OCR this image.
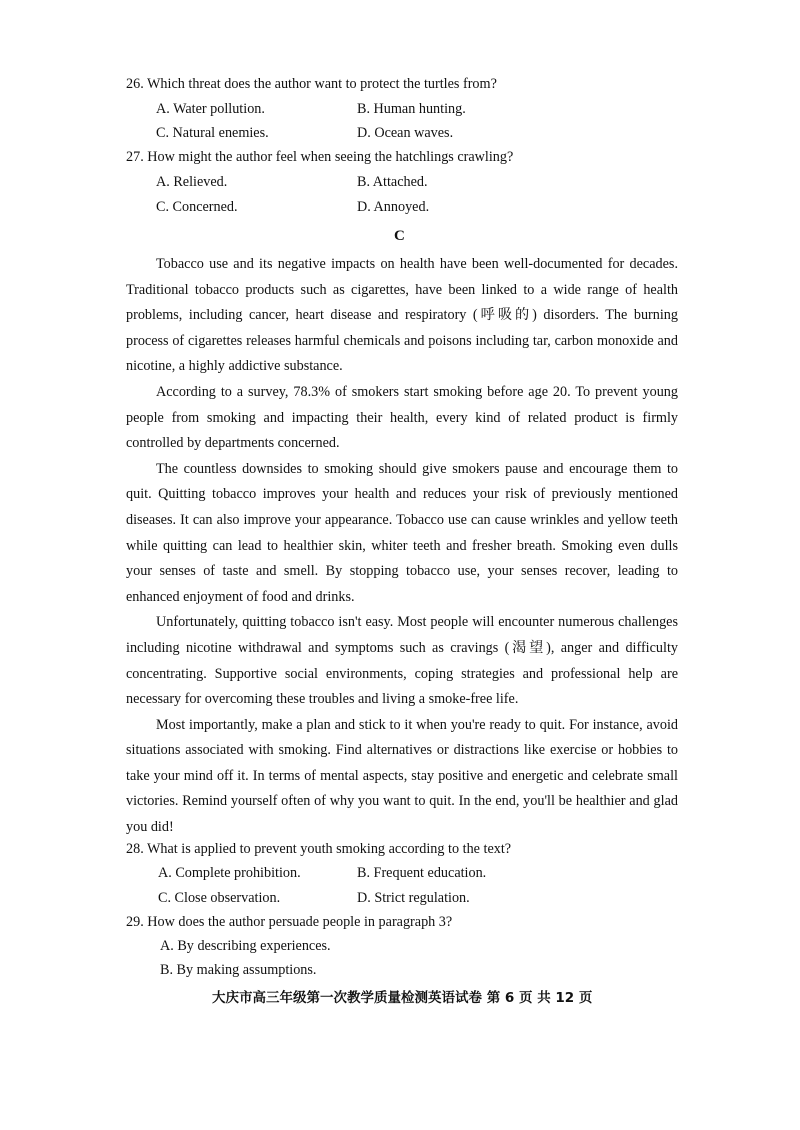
26. Which threat does the author want to protect the turtles from?
A. Water pollution.	B. Human hunting.
C. Natural enemies.	D. Ocean waves.
27. How might the author feel when seeing the hatchlings crawling?
A. Relieved.	B. Attached.
C. Concerned.	D. Annoyed.
C

Tobacco use and its negative impacts on health have been well-documented for decades. Traditional tobacco products such as cigarettes, have been linked to a wide range of health problems, including cancer, heart disease and respiratory (呼吸的) disorders. The burning process of cigarettes releases harmful chemicals and poisons including tar, carbon monoxide and nicotine, a highly addictive substance.

According to a survey, 78.3% of smokers start smoking before age 20. To prevent young people from smoking and impacting their health, every kind of related product is firmly controlled by departments concerned.

The countless downsides to smoking should give smokers pause and encourage them to quit. Quitting tobacco improves your health and reduces your risk of previously mentioned diseases. It can also improve your appearance. Tobacco use can cause wrinkles and yellow teeth while quitting can lead to healthier skin, whiter teeth and fresher breath. Smoking even dulls your senses of taste and smell. By stopping tobacco use, your senses recover, leading to enhanced enjoyment of food and drinks.

Unfortunately, quitting tobacco isn't easy. Most people will encounter numerous challenges including nicotine withdrawal and symptoms such as cravings (渴望), anger and difficulty concentrating. Supportive social environments, coping strategies and professional help are necessary for overcoming these troubles and living a smoke-free life.

Most importantly, make a plan and stick to it when you're ready to quit. For instance, avoid situations associated with smoking. Find alternatives or distractions like exercise or hobbies to take your mind off it. In terms of mental aspects, stay positive and energetic and celebrate small victories. Remind yourself often of why you want to quit. In the end, you'll be healthier and glad you did!

28. What is applied to prevent youth smoking according to the text?
A. Complete prohibition.	B. Frequent education.
C. Close observation.	D. Strict regulation.
29. How does the author persuade people in paragraph 3?
A. By describing experiences.
B. By making assumptions.
大庆市高三年级第一次教学质量检测英语试卷 第 6 页 共 12 页
